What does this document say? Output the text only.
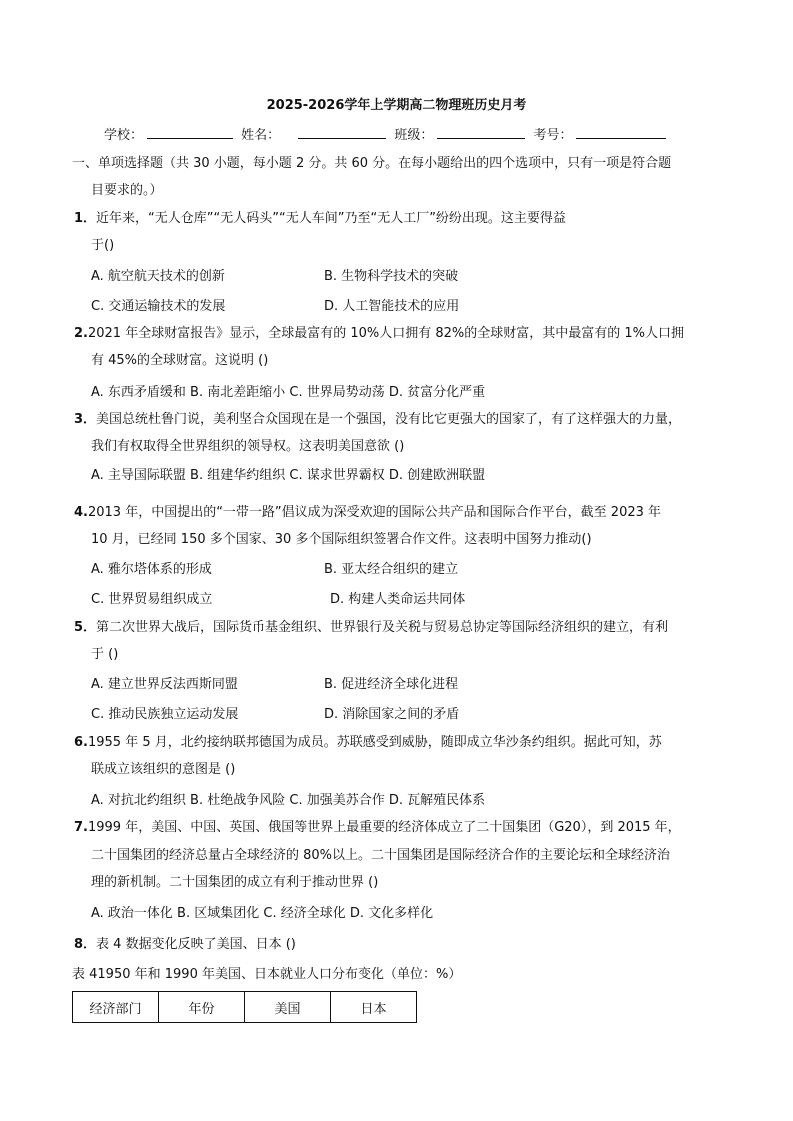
2025-2026学年上学期高二物理班历史月考
学校：	姓名：	班级：	考号：
一、单项选择题（共 30 小题，每小题 2 分。共 60 分。在每小题给出的四个选项中，只有一项是符合题
目要求的。）
1．近年来，“无人仓库”“无人码头”“无人车间”乃至“无人工厂”纷纷出现。这主要得益
于()
A. 航空航天技术的创新	B. 生物科学技术的突破
C. 交通运输技术的发展	D. 人工智能技术的应用
2.2021 年全球财富报告》显示，全球最富有的 10%人口拥有 82%的全球财富，其中最富有的 1%人口拥
有 45%的全球财富。这说明 ()
A. 东西矛盾缓和 B. 南北差距缩小 C. 世界局势动荡 D. 贫富分化严重
3．美国总统杜鲁门说，美利坚合众国现在是一个强国，没有比它更强大的国家了，有了这样强大的力量，
我们有权取得全世界组织的领导权。这表明美国意欲 ()
A. 主导国际联盟 B. 组建华约组织 C. 谋求世界霸权 D. 创建欧洲联盟
4.2013 年，中国提出的“一带一路”倡议成为深受欢迎的国际公共产品和国际合作平台，截至 2023 年
10 月，已经同 150 多个国家、30 多个国际组织签署合作文件。这表明中国努力推动()
A. 雅尔塔体系的形成	B. 亚太经合组织的建立
C. 世界贸易组织成立	D. 构建人类命运共同体
5．第二次世界大战后，国际货币基金组织、世界银行及关税与贸易总协定等国际经济组织的建立，有利
于 ()
A. 建立世界反法西斯同盟	B. 促进经济全球化进程
C. 推动民族独立运动发展	D. 消除国家之间的矛盾
6.1955 年 5 月，北约接纳联邦德国为成员。苏联感受到威胁，随即成立华沙条约组织。据此可知，苏
联成立该组织的意图是 ()
A. 对抗北约组织 B. 杜绝战争风险 C. 加强美苏合作 D. 瓦解殖民体系
7.1999 年，美国、中国、英国、俄国等世界上最重要的经济体成立了二十国集团（G20），到 2015 年，
二十国集团的经济总量占全球经济的 80%以上。二十国集团是国际经济合作的主要论坛和全球经济治
理的新机制。二十国集团的成立有利于推动世界 ()
A. 政治一体化 B. 区域集团化 C. 经济全球化 D. 文化多样化
8．表 4 数据变化反映了美国、日本 ()
表 41950 年和 1990 年美国、日本就业人口分布变化（单位：%）
经济部门	年份	美国	日本
